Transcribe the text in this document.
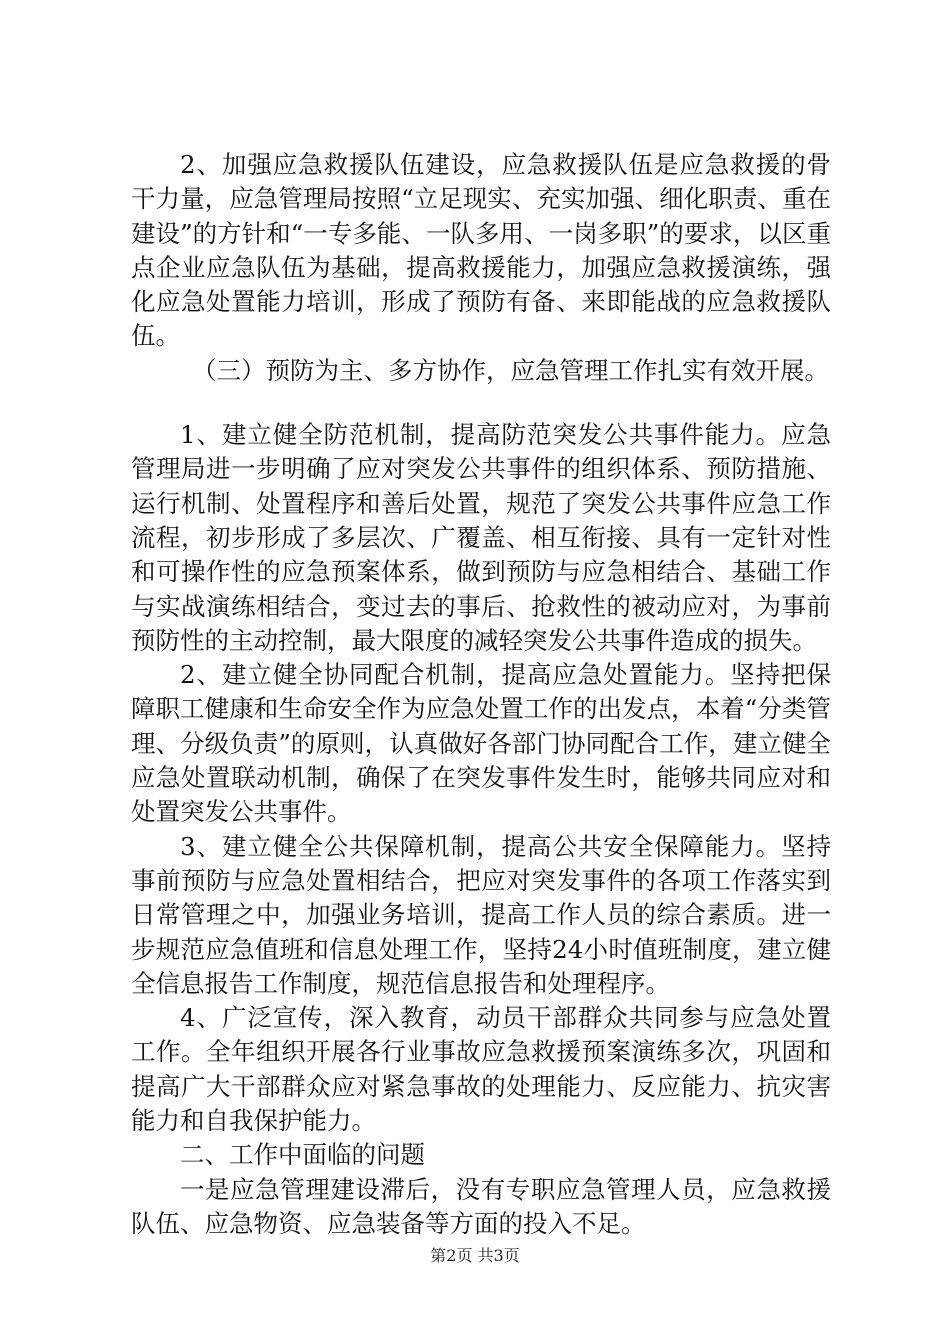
2、加强应急救援队伍建设，应急救援队伍是应急救援的骨干力量，应急管理局按照“立足现实、充实加强、细化职责、重在建设”的方针和“一专多能、一队多用、一岗多职”的要求，以区重点企业应急队伍为基础，提高救援能力，加强应急救援演练，强化应急处置能力培训，形成了预防有备、来即能战的应急救援队伍。

（三）预防为主、多方协作，应急管理工作扎实有效开展。

1、建立健全防范机制，提高防范突发公共事件能力。应急管理局进一步明确了应对突发公共事件的组织体系、预防措施、运行机制、处置程序和善后处置，规范了突发公共事件应急工作流程，初步形成了多层次、广覆盖、相互衔接、具有一定针对性和可操作性的应急预案体系，做到预防与应急相结合、基础工作与实战演练相结合，变过去的事后、抢救性的被动应对，为事前预防性的主动控制，最大限度的减轻突发公共事件造成的损失。

2、建立健全协同配合机制，提高应急处置能力。坚持把保障职工健康和生命安全作为应急处置工作的出发点，本着“分类管理、分级负责”的原则，认真做好各部门协同配合工作，建立健全应急处置联动机制，确保了在突发事件发生时，能够共同应对和处置突发公共事件。

3、建立健全公共保障机制，提高公共安全保障能力。坚持事前预防与应急处置相结合，把应对突发事件的各项工作落实到日常管理之中，加强业务培训，提高工作人员的综合素质。进一步规范应急值班和信息处理工作，坚持24小时值班制度，建立健全信息报告工作制度，规范信息报告和处理程序。

4、广泛宣传，深入教育，动员干部群众共同参与应急处置工作。全年组织开展各行业事故应急救援预案演练多次，巩固和提高广大干部群众应对紧急事故的处理能力、反应能力、抗灾害能力和自我保护能力。

二、工作中面临的问题

一是应急管理建设滞后，没有专职应急管理人员，应急救援队伍、应急物资、应急装备等方面的投入不足。

第2页 共3页
